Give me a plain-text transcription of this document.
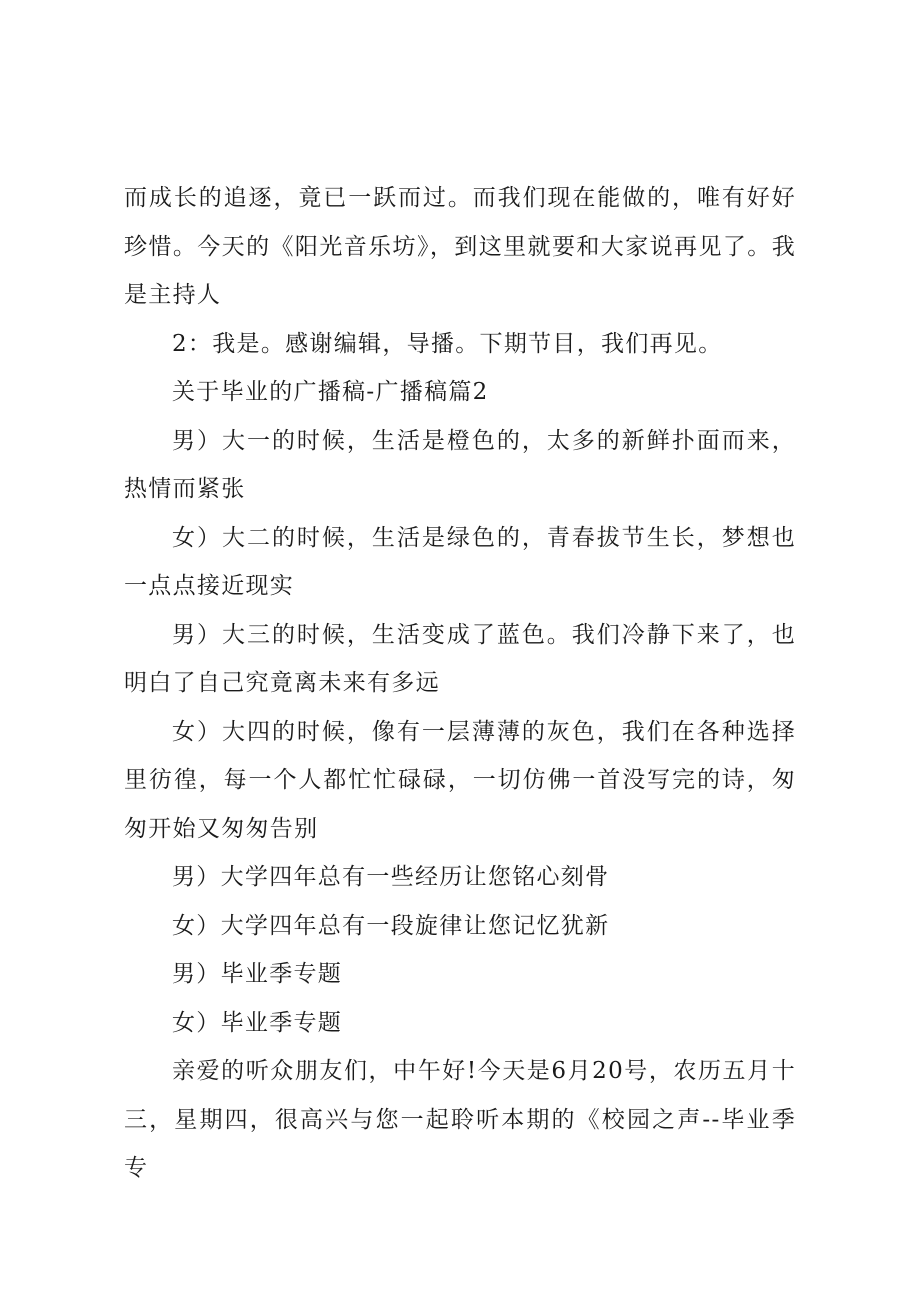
而成长的追逐，竟已一跃而过。而我们现在能做的，唯有好好珍惜。今天的《阳光音乐坊》，到这里就要和大家说再见了。我是主持人

2：我是。感谢编辑，导播。下期节目，我们再见。

关于毕业的广播稿-广播稿篇2

男）大一的时候，生活是橙色的，太多的新鲜扑面而来，热情而紧张

女）大二的时候，生活是绿色的，青春拔节生长，梦想也一点点接近现实

男）大三的时候，生活变成了蓝色。我们冷静下来了，也明白了自己究竟离未来有多远

女）大四的时候，像有一层薄薄的灰色，我们在各种选择里彷徨，每一个人都忙忙碌碌，一切仿佛一首没写完的诗，匆匆开始又匆匆告别

男）大学四年总有一些经历让您铭心刻骨

女）大学四年总有一段旋律让您记忆犹新

男）毕业季专题

女）毕业季专题

亲爱的听众朋友们，中午好!今天是6月20号，农历五月十三，星期四，很高兴与您一起聆听本期的《校园之声--毕业季专
